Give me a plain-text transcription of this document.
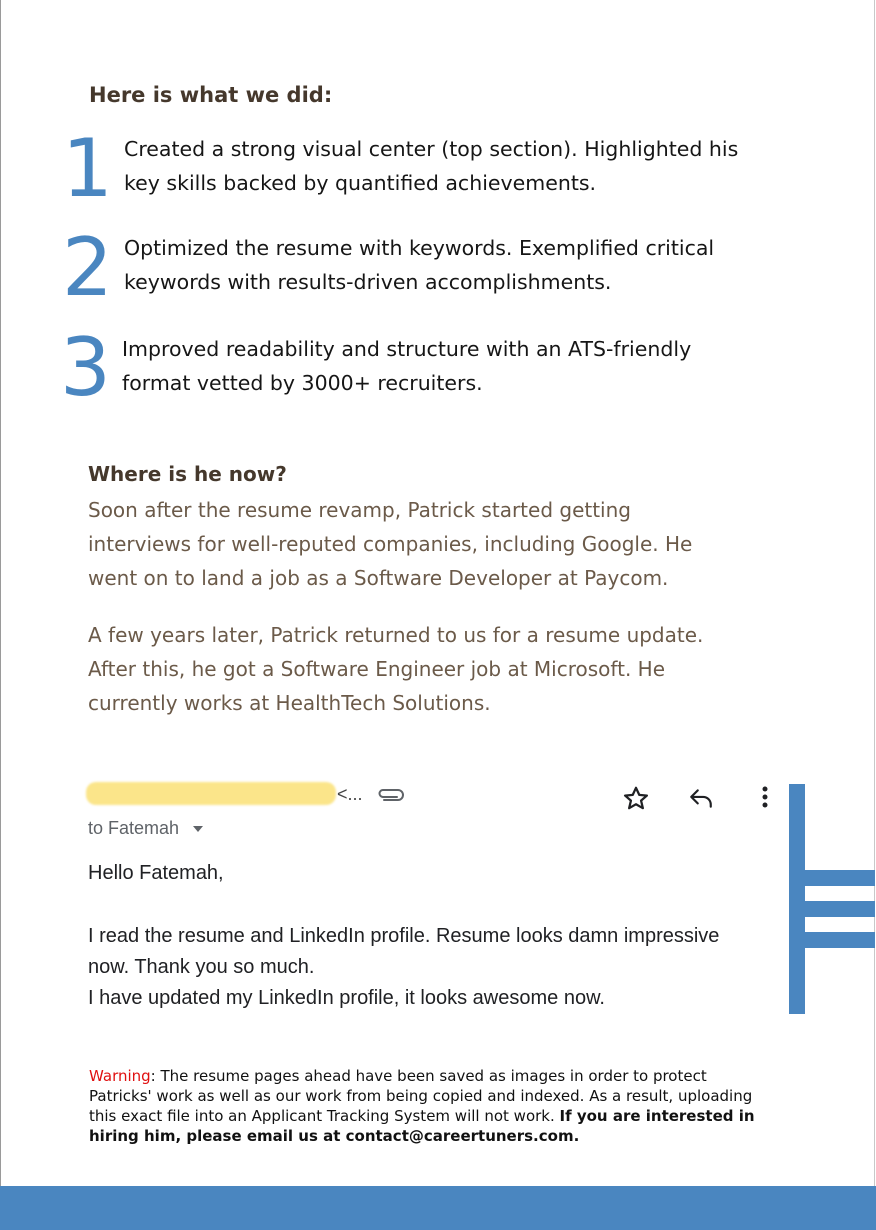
Here is what we did:
1 Created a strong visual center (top section). Highlighted his
key skills backed by quantified achievements.
2 Optimized the resume with keywords. Exemplified critical
keywords with results-driven accomplishments.
3 Improved readability and structure with an ATS-friendly
format vetted by 3000+ recruiters.
Where is he now?
Soon after the resume revamp, Patrick started getting
interviews for well-reputed companies, including Google. He
went on to land a job as a Software Developer at Paycom.
A few years later, Patrick returned to us for a resume update.
After this, he got a Software Engineer job at Microsoft. He
currently works at HealthTech Solutions.
<...
to Fatemah
Hello Fatemah,
I read the resume and LinkedIn profile. Resume looks damn impressive
now. Thank you so much.
I have updated my LinkedIn profile, it looks awesome now.
Warning: The resume pages ahead have been saved as images in order to protect Patricks' work as well as our work from being copied and indexed. As a result, uploading this exact file into an Applicant Tracking System will not work. If you are interested in hiring him, please email us at contact@careertuners.com.
